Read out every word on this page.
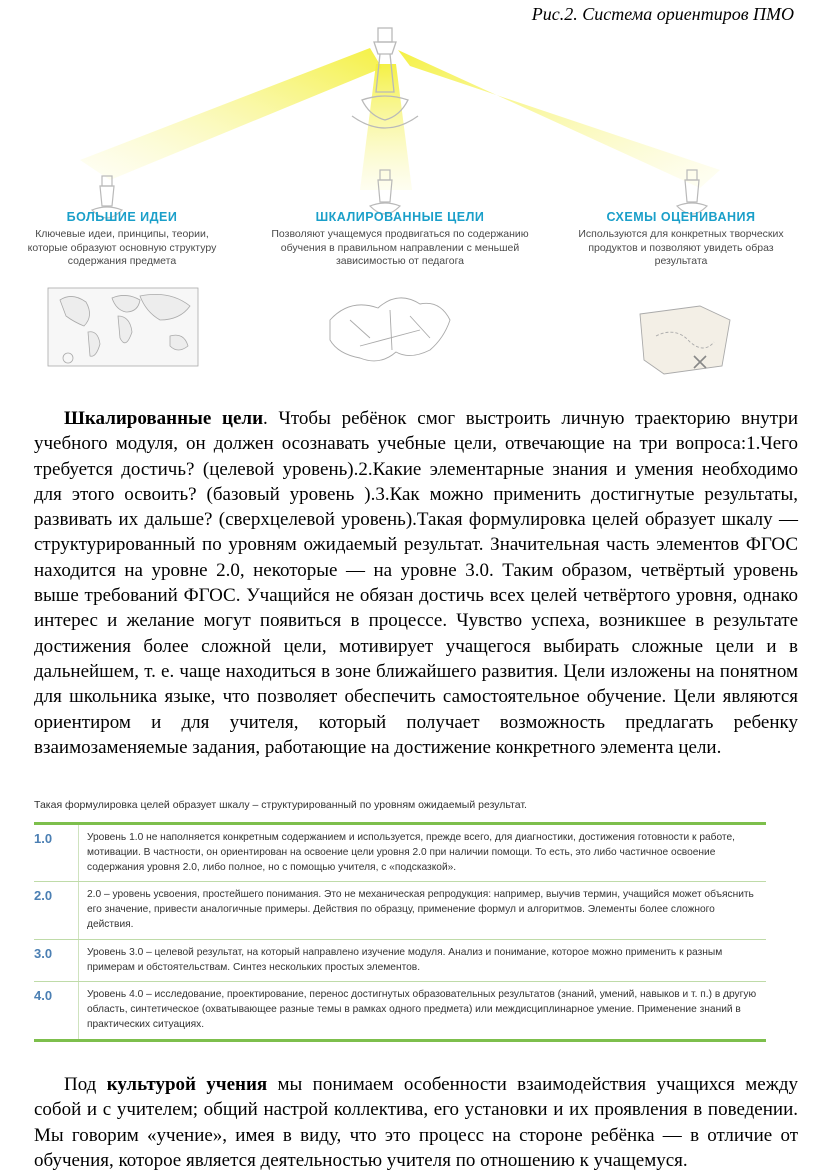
Рис.2. Система ориентиров ПМО
БОЛЬШИЕ ИДЕИ
Ключевые идеи, принципы, теории, которые образуют основную структуру содержания предмета
ШКАЛИРОВАННЫЕ ЦЕЛИ
Позволяют учащемуся продвигаться по содержанию обучения в правильном направлении с меньшей зависимостью от педагога
СХЕМЫ ОЦЕНИВАНИЯ
Используются для конкретных творческих продуктов и позволяют увидеть образ результата

Шкалированные цели. Чтобы ребёнок смог выстроить личную траекторию внутри учебного модуля, он должен осознавать учебные цели, отвечающие на три вопроса:1.Чего требуется достичь? (целевой уровень).2.Какие элементарные знания и умения необходимо для этого освоить? (базовый уровень ).3.Как можно применить достигнутые результаты, развивать их дальше? (сверхцелевой уровень).Такая формулировка целей образует шкалу — структурированный по уровням ожидаемый результат. Значительная часть элементов ФГОС находится на уровне 2.0, некоторые — на уровне 3.0. Таким образом, четвёртый уровень выше требований ФГОС. Учащийся не обязан достичь всех целей четвёртого уровня, однако интерес и желание могут появиться в процессе. Чувство успеха, возникшее в результате достижения более сложной цели, мотивирует учащегося выбирать сложные цели и в дальнейшем, т. е. чаще находиться в зоне ближайшего развития. Цели изложены на понятном для школьника языке, что позволяет обеспечить самостоятельное обучение. Цели являются ориентиром и для учителя, который получает возможность предлагать ребенку взаимозаменяемые задания, работающие на достижение конкретного элемента цели.

Такая формулировка целей образует шкалу – структурированный по уровням ожидаемый результат.
1.0	Уровень 1.0 не наполняется конкретным содержанием и используется, прежде всего, для диагностики, достижения готовности к работе, мотивации. В частности, он ориентирован на освоение цели уровня 2.0 при наличии помощи. То есть, это либо частичное освоение содержания уровня 2.0, либо полное, но с помощью учителя, с «подсказкой».
2.0	2.0 – уровень усвоения, простейшего понимания. Это не механическая репродукция: например, выучив термин, учащийся может объяснить его значение, привести аналогичные примеры. Действия по образцу, применение формул и алгоритмов. Элементы более сложного действия.
3.0	Уровень 3.0 – целевой результат, на который направлено изучение модуля. Анализ и понимание, которое можно применить к разным примерам и обстоятельствам. Синтез нескольких простых элементов.
4.0	Уровень 4.0 – исследование, проектирование, перенос достигнутых образовательных результатов (знаний, умений, навыков и т. п.) в другую область, синтетическое (охватывающее разные темы в рамках одного предмета) или междисциплинарное умение. Применение знаний в практических ситуациях.

Под культурой учения мы понимаем особенности взаимодействия учащихся между собой и с учителем; общий настрой коллектива, его установки и их проявления в поведении. Мы говорим «учение», имея в виду, что это процесс на стороне ребёнка — в отличие от обучения, которое является деятельностью учителя по отношению к учащемуся.
